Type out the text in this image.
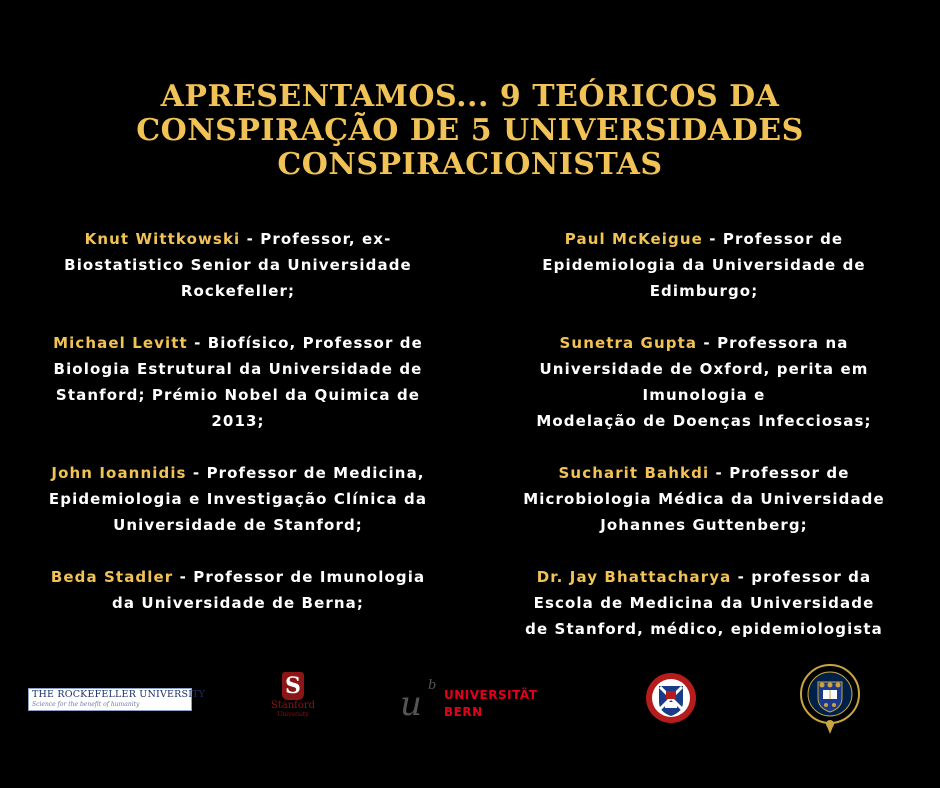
APRESENTAMOS... 9 TEÓRICOS DA
CONSPIRAÇÃO DE 5 UNIVERSIDADES
CONSPIRACIONISTAS
Knut Wittkowski - Professor, ex-
Biostatistico Senior da Universidade
Rockefeller;
Michael Levitt - Biofísico, Professor de
Biologia Estrutural da Universidade de
Stanford; Prémio Nobel da Quimica de
2013;
John Ioannidis - Professor de Medicina,
Epidemiologia e Investigação Clínica da
Universidade de Stanford;
Beda Stadler - Professor de Imunologia
da Universidade de Berna;
Paul McKeigue - Professor de
Epidemiologia da Universidade de
Edimburgo;
Sunetra Gupta - Professora na
Universidade de Oxford, perita em
Imunologia e
Modelação de Doenças Infecciosas;
Sucharit Bahkdi - Professor de
Microbiologia Médica da Universidade
Johannes Guttenberg;
Dr. Jay Bhattacharya - professor da
Escola de Medicina da Universidade
de Stanford, médico, epidemiologista
THE ROCKEFELLER UNIVERSITY
Science for the benefit of humanity
S
Stanford
University	u b
UNIVERSITÄT
BERN
